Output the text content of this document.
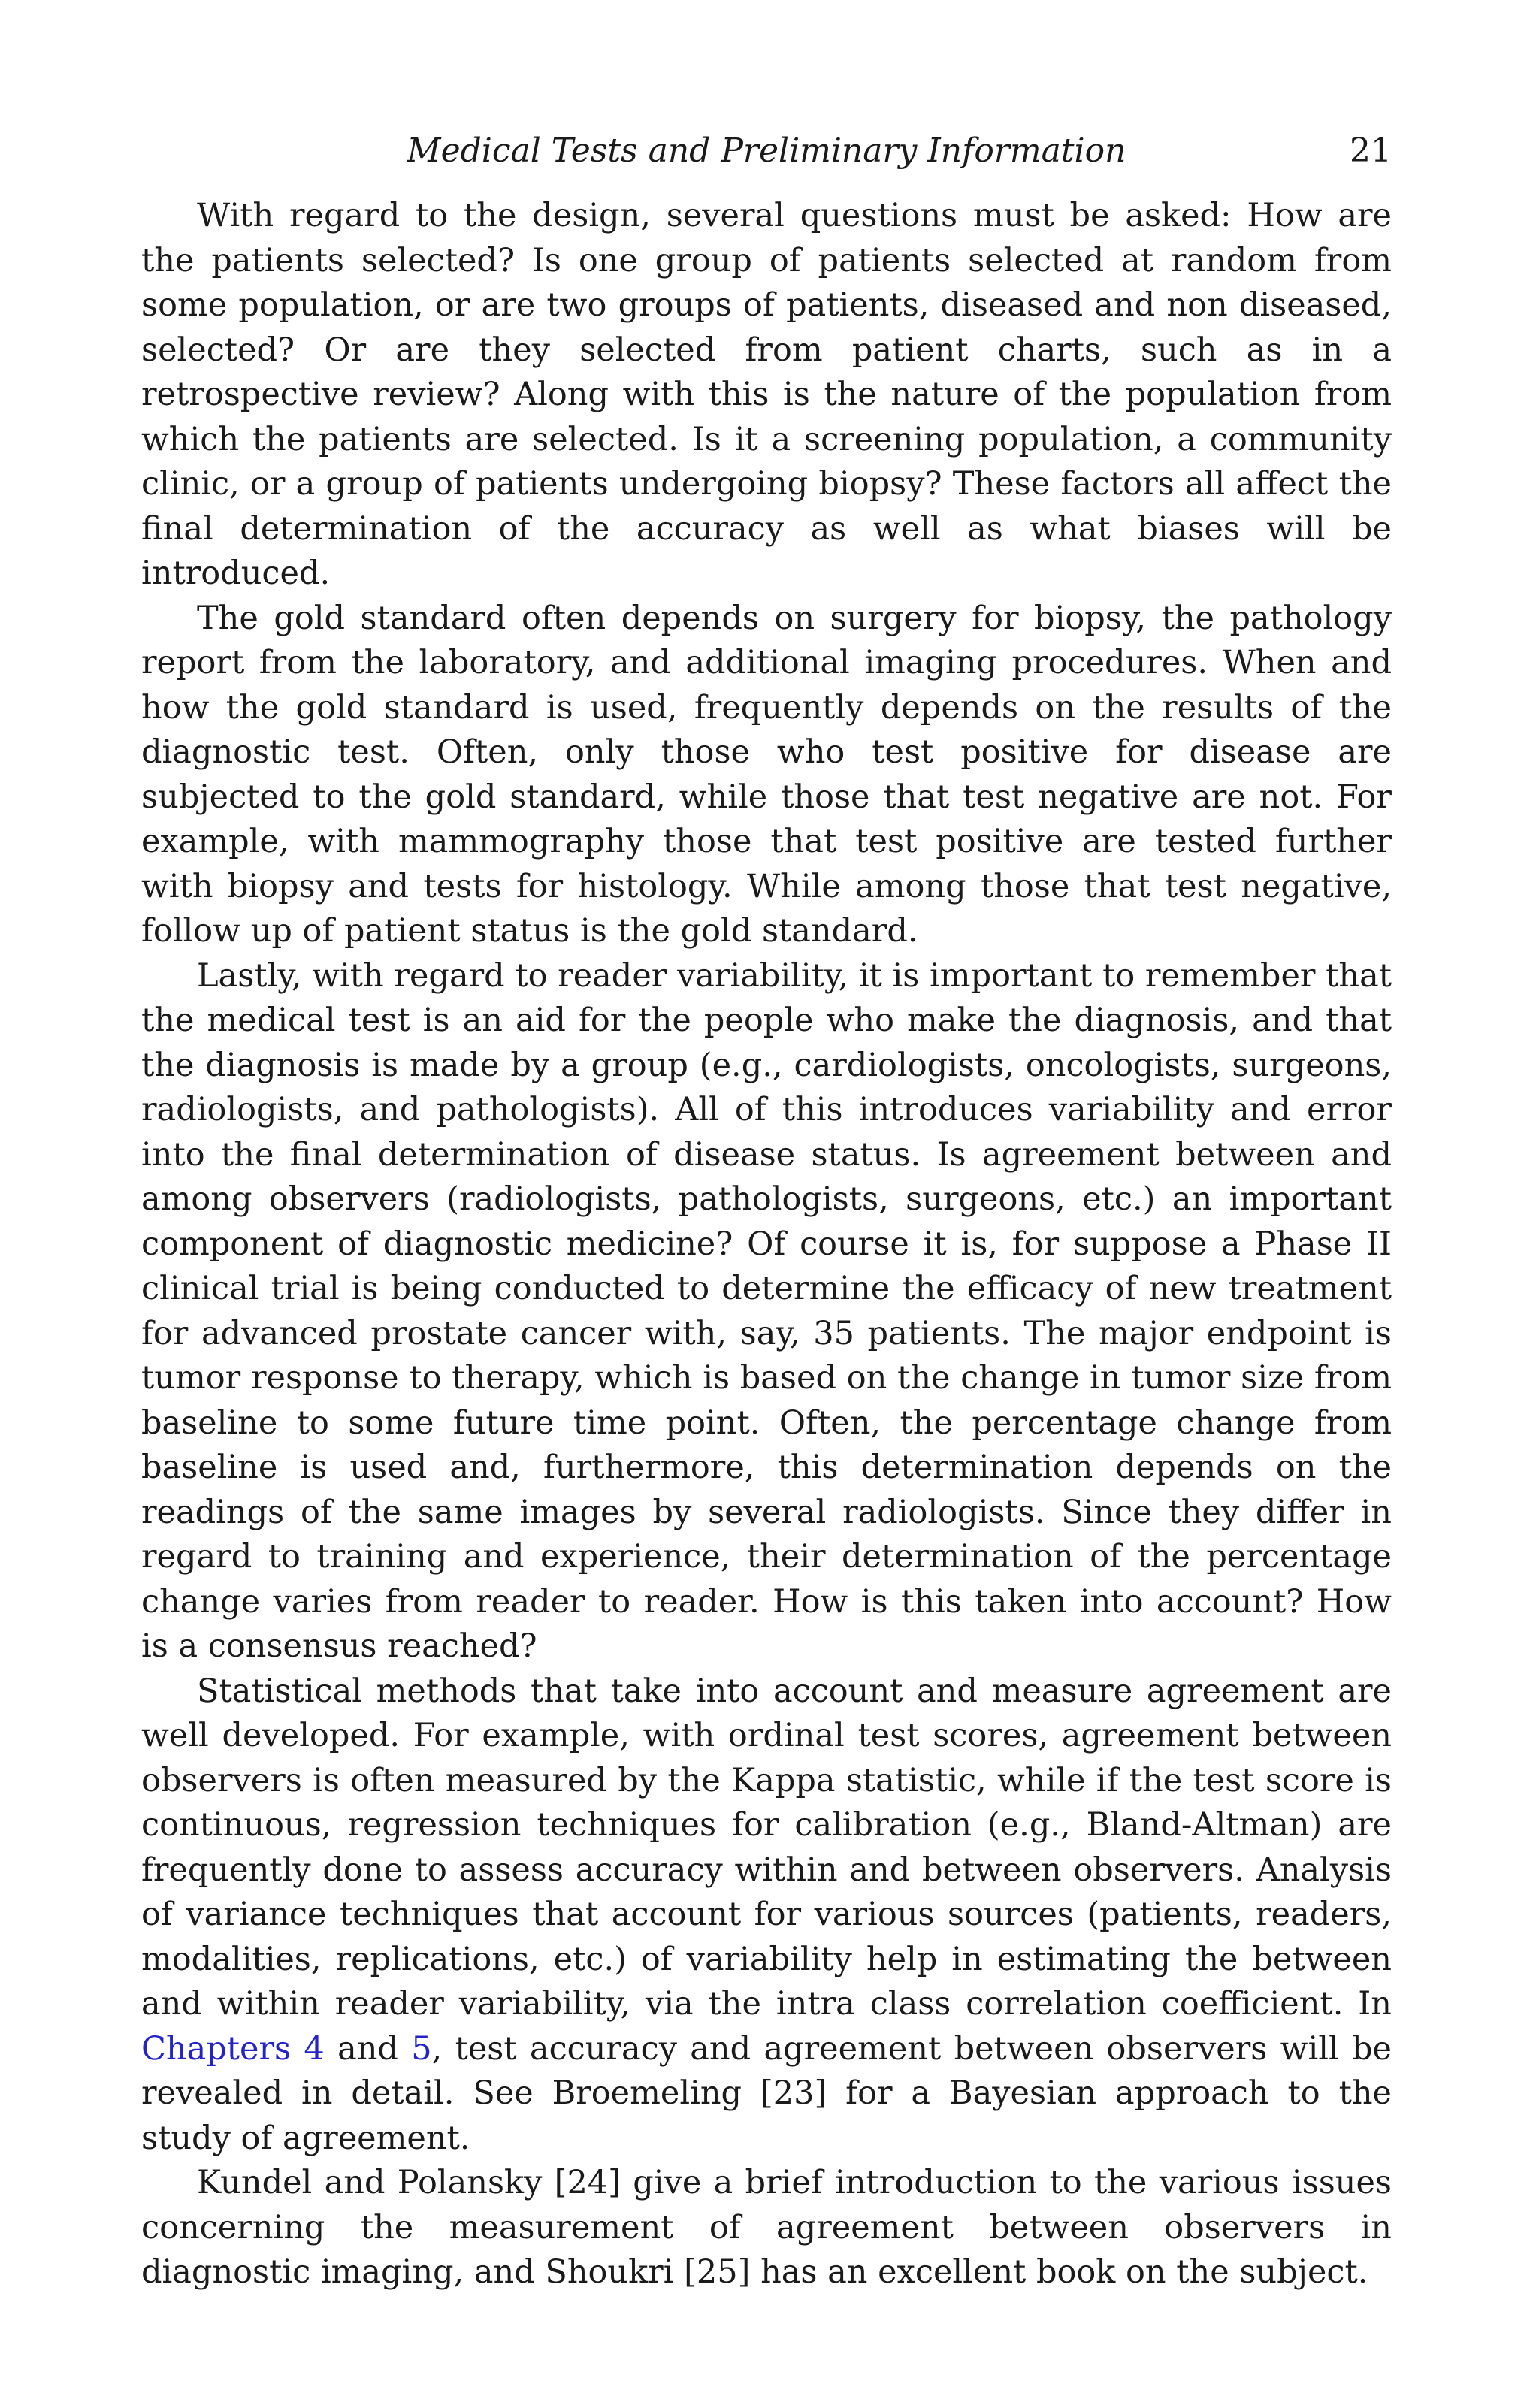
Medical Tests and Preliminary Information	21

With regard to the design, several questions must be asked: How are the patients selected? Is one group of patients selected at random from some population, or are two groups of patients, diseased and non diseased, selected? Or are they selected from patient charts, such as in a retrospective review? Along with this is the nature of the population from which the patients are selected. Is it a screening population, a community clinic, or a group of patients undergoing biopsy? These factors all affect the final determination of the accuracy as well as what biases will be introduced.

The gold standard often depends on surgery for biopsy, the pathology report from the laboratory, and additional imaging procedures. When and how the gold standard is used, frequently depends on the results of the diagnostic test. Often, only those who test positive for disease are subjected to the gold standard, while those that test negative are not. For example, with mammography those that test positive are tested further with biopsy and tests for histology. While among those that test negative, follow up of patient status is the gold standard.

Lastly, with regard to reader variability, it is important to remember that the medical test is an aid for the people who make the diagnosis, and that the diagnosis is made by a group (e.g., cardiologists, oncologists, surgeons, radiologists, and pathologists). All of this introduces variability and error into the final determination of disease status. Is agreement between and among observers (radiologists, pathologists, surgeons, etc.) an important component of diagnostic medicine? Of course it is, for suppose a Phase II clinical trial is being conducted to determine the efficacy of new treatment for advanced prostate cancer with, say, 35 patients. The major endpoint is tumor response to therapy, which is based on the change in tumor size from baseline to some future time point. Often, the percentage change from baseline is used and, furthermore, this determination depends on the readings of the same images by several radiologists. Since they differ in regard to training and experience, their determination of the percentage change varies from reader to reader. How is this taken into account? How is a consensus reached?

Statistical methods that take into account and measure agreement are well developed. For example, with ordinal test scores, agreement between observers is often measured by the Kappa statistic, while if the test score is continuous, regression techniques for calibration (e.g., Bland-Altman) are frequently done to assess accuracy within and between observers. Analysis of variance techniques that account for various sources (patients, readers, modalities, replications, etc.) of variability help in estimating the between and within reader variability, via the intra class correlation coefficient. In Chapters 4 and 5, test accuracy and agreement between observers will be revealed in detail. See Broemeling [23] for a Bayesian approach to the study of agreement.

Kundel and Polansky [24] give a brief introduction to the various issues concerning the measurement of agreement between observers in diagnostic imaging, and Shoukri [25] has an excellent book on the subject.
